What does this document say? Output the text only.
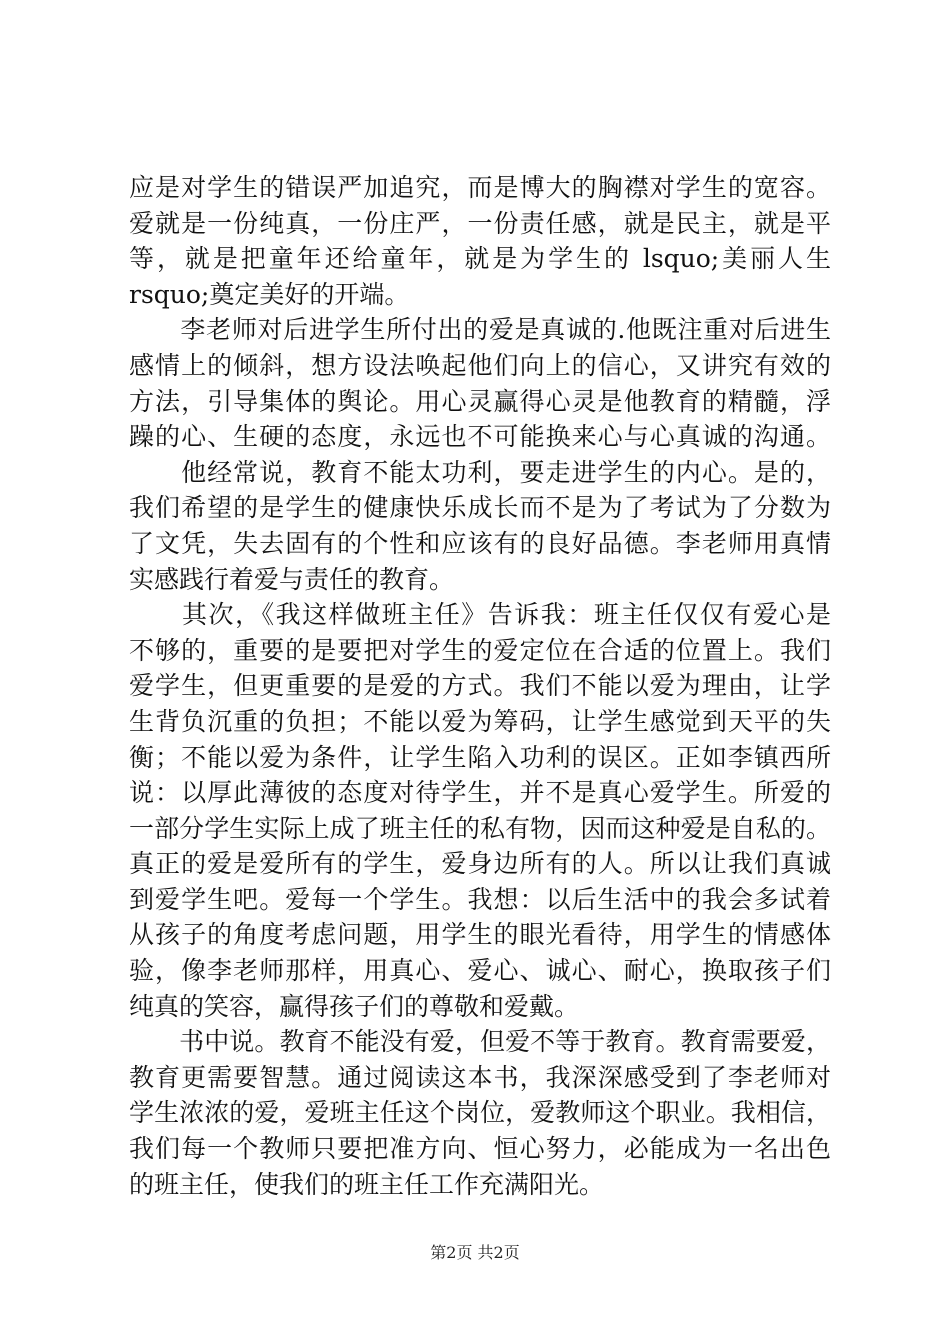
应是对学生的错误严加追究，而是博大的胸襟对学生的宽容。
爱就是一份纯真，一份庄严，一份责任感，就是民主，就是平
等，就是把童年还给童年，就是为学生的 lsquo;美丽人生
rsquo;奠定美好的开端。
　　李老师对后进学生所付出的爱是真诚的.他既注重对后进生
感情上的倾斜，想方设法唤起他们向上的信心，又讲究有效的
方法，引导集体的舆论。用心灵赢得心灵是他教育的精髓，浮
躁的心、生硬的态度，永远也不可能换来心与心真诚的沟通。
　　他经常说，教育不能太功利，要走进学生的内心。是的，
我们希望的是学生的健康快乐成长而不是为了考试为了分数为
了文凭，失去固有的个性和应该有的良好品德。李老师用真情
实感践行着爱与责任的教育。
　　其次，《我这样做班主任》告诉我：班主任仅仅有爱心是
不够的，重要的是要把对学生的爱定位在合适的位置上。我们
爱学生，但更重要的是爱的方式。我们不能以爱为理由，让学
生背负沉重的负担；不能以爱为筹码，让学生感觉到天平的失
衡；不能以爱为条件，让学生陷入功利的误区。正如李镇西所
说：以厚此薄彼的态度对待学生，并不是真心爱学生。所爱的
一部分学生实际上成了班主任的私有物，因而这种爱是自私的。
真正的爱是爱所有的学生，爱身边所有的人。所以让我们真诚
到爱学生吧。爱每一个学生。我想：以后生活中的我会多试着
从孩子的角度考虑问题，用学生的眼光看待，用学生的情感体
验，像李老师那样，用真心、爱心、诚心、耐心，换取孩子们
纯真的笑容，赢得孩子们的尊敬和爱戴。
　　书中说。教育不能没有爱，但爱不等于教育。教育需要爱，
教育更需要智慧。通过阅读这本书，我深深感受到了李老师对
学生浓浓的爱，爱班主任这个岗位，爱教师这个职业。我相信，
我们每一个教师只要把准方向、恒心努力，必能成为一名出色
的班主任，使我们的班主任工作充满阳光。
第2页 共2页
